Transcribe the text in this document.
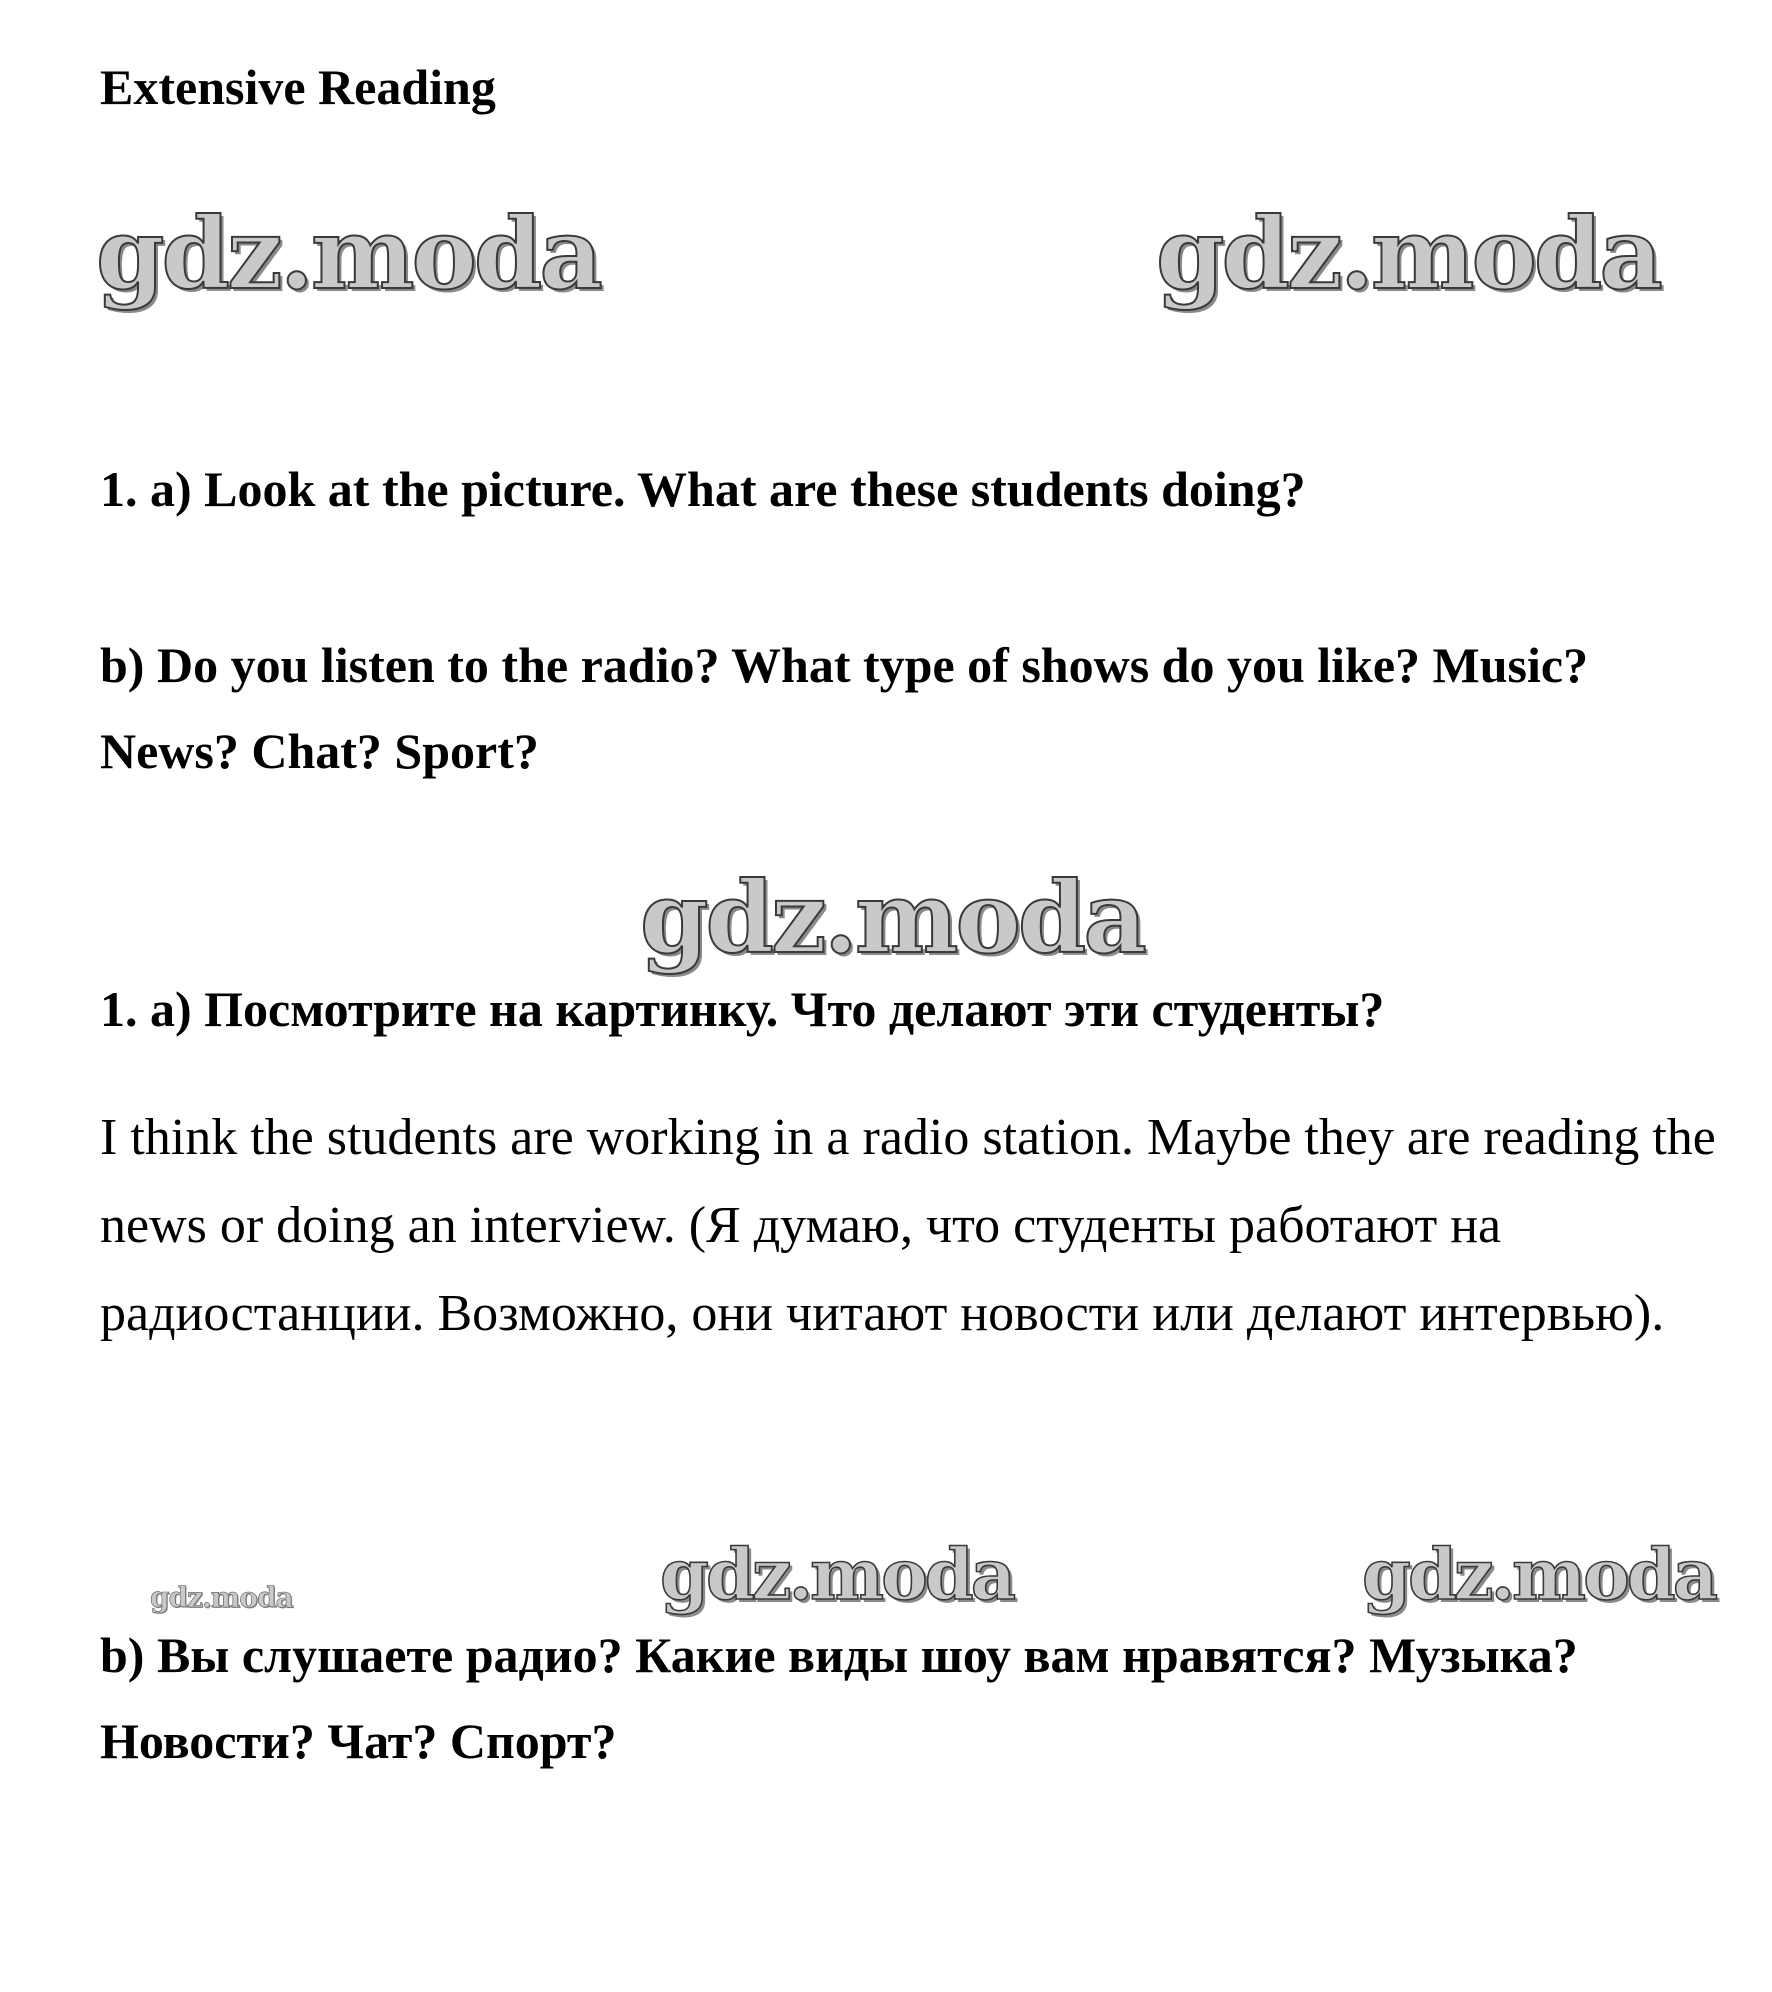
Extensive Reading
gdz.moda	gdz.moda

1. a) Look at the picture. What are these students doing?

b) Do you listen to the radio? What type of shows do you like? Music? News? Chat? Sport?

gdz.moda

1. а) Посмотрите на картинку. Что делают эти студенты?

I think the students are working in a radio station. Maybe they are reading the news or doing an interview. (Я думаю, что студенты работают на радиостанции. Возможно, они читают новости или делают интервью).

gdz.moda	gdz.moda	gdz.moda

b) Вы слушаете радио? Какие виды шоу вам нравятся? Музыка? Новости? Чат? Спорт?
